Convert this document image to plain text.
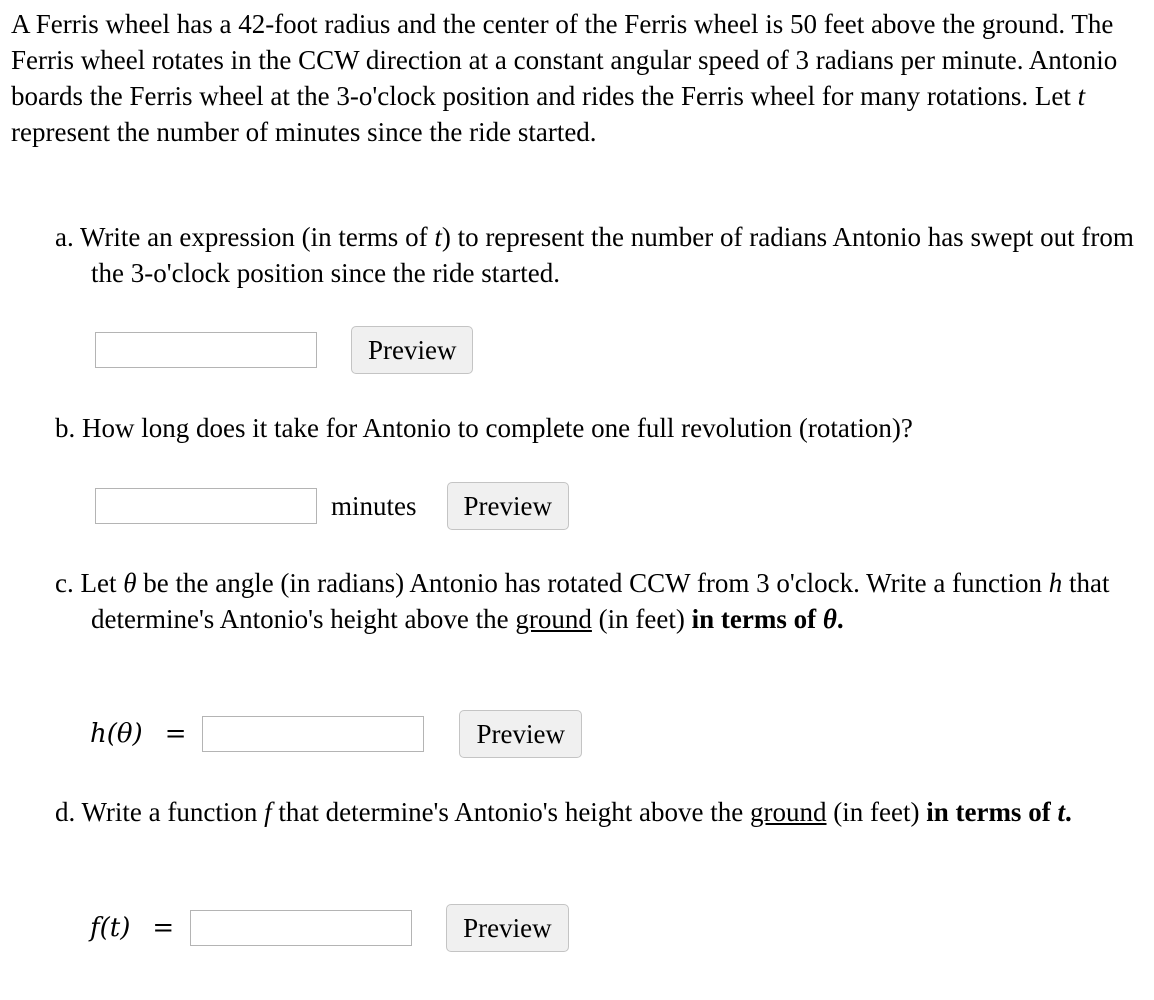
A Ferris wheel has a 42-foot radius and the center of the Ferris wheel is 50 feet above the ground. The Ferris wheel rotates in the CCW direction at a constant angular speed of 3 radians per minute. Antonio boards the Ferris wheel at the 3-o'clock position and rides the Ferris wheel for many rotations. Let t represent the number of minutes since the ride started.
a. Write an expression (in terms of t) to represent the number of radians Antonio has swept out from the 3-o'clock position since the ride started.
Preview
b. How long does it take for Antonio to complete one full revolution (rotation)?
minutes	Preview
c. Let θ be the angle (in radians) Antonio has rotated CCW from 3 o'clock. Write a function h that determine's Antonio's height above the ground (in feet) in terms of θ.
h(θ) =	Preview
d. Write a function f that determine's Antonio's height above the ground (in feet) in terms of t.
f(t) =	Preview
